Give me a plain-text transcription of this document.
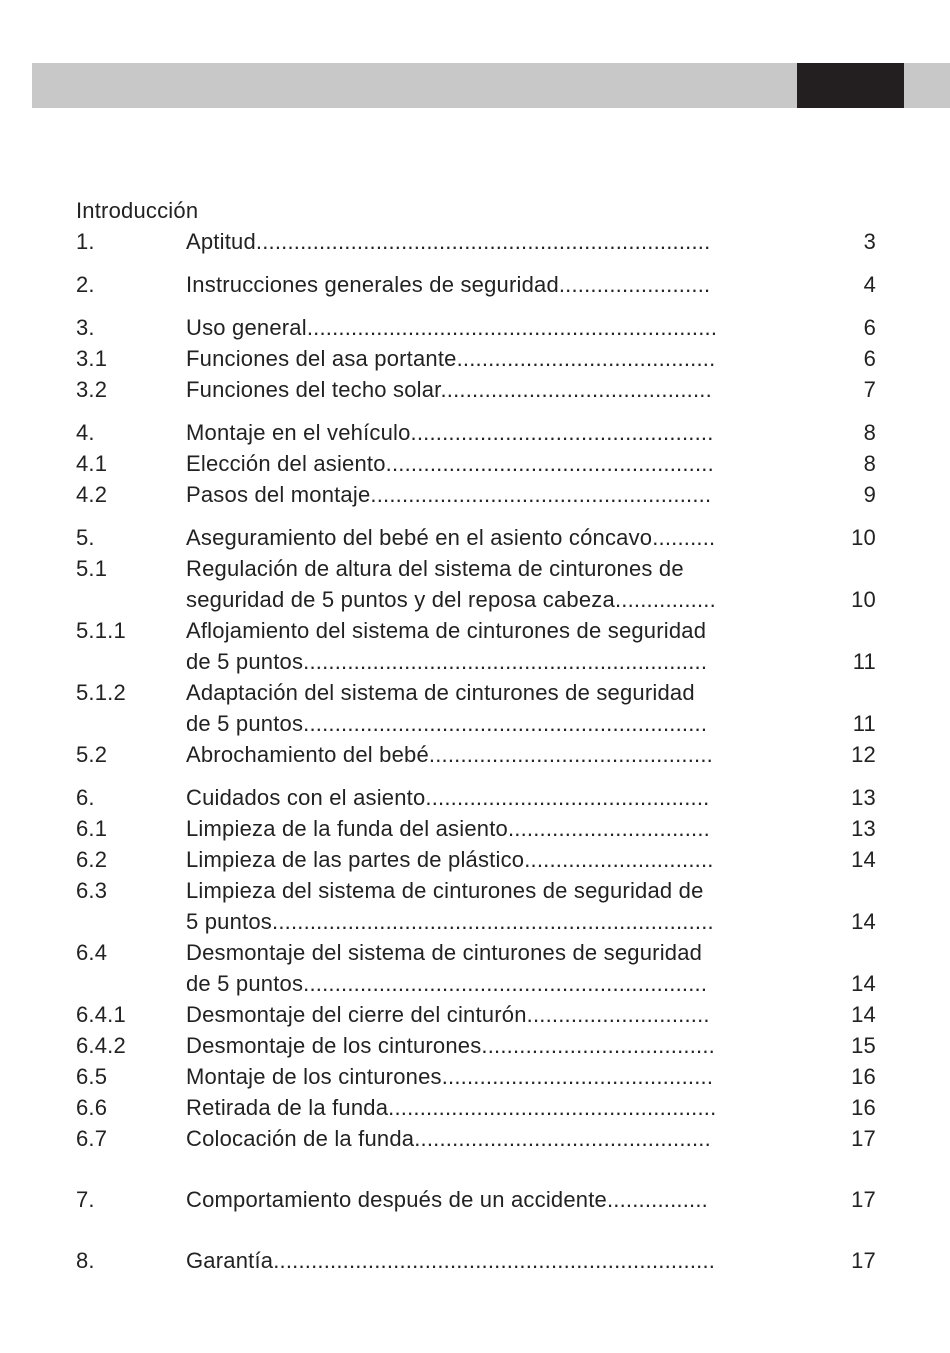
Introducción
1.	Aptitud........................................................................	3
2.	Instrucciones generales de seguridad........................	4
3.	Uso general.................................................................	6
3.1	Funciones del asa portante.........................................	6
3.2	Funciones del techo solar...........................................	7
4.	Montaje en el vehículo................................................	8
4.1	Elección del asiento....................................................	8
4.2	Pasos del montaje......................................................	9
5.	Aseguramiento del bebé en el asiento cóncavo..........	10
5.1	Regulación de altura del sistema de cinturones de
seguridad de 5 puntos y del reposa cabeza................	10
5.1.1	Aflojamiento del sistema de cinturones de seguridad
de 5 puntos................................................................	11
5.1.2	Adaptación del sistema de cinturones de seguridad
de 5 puntos................................................................	11
5.2	Abrochamiento del bebé.............................................	12
6.	Cuidados con el asiento.............................................	13
6.1	Limpieza de la funda del asiento................................	13
6.2	Limpieza de las partes de plástico..............................	14
6.3	Limpieza del sistema de cinturones de seguridad de
5 puntos......................................................................	14
6.4	Desmontaje del sistema de cinturones de seguridad
de 5 puntos................................................................	14
6.4.1	Desmontaje del cierre del cinturón.............................	14
6.4.2	Desmontaje de los cinturones.....................................	15
6.5	Montaje de los cinturones...........................................	16
6.6	Retirada de la funda....................................................	16
6.7	Colocación de la funda...............................................	17
7.	Comportamiento después de un accidente................	17
8.	Garantía......................................................................	17
